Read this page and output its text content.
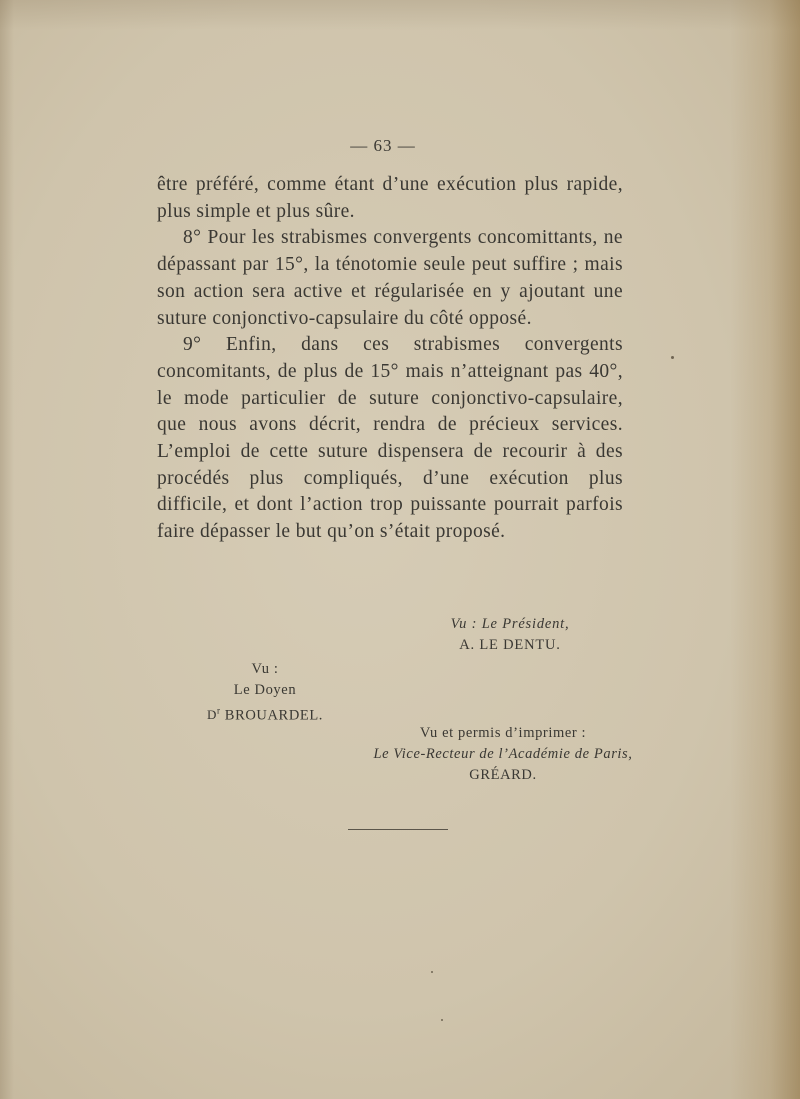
— 63 —

être préféré, comme étant d’une exécution plus rapide, plus simple et plus sûre.

8° Pour les strabismes convergents concomittants, ne dépassant par 15°, la ténotomie seule peut suffire ; mais son action sera active et régularisée en y ajoutant une suture conjonctivo-capsulaire du côté opposé.

9° Enfin, dans ces strabismes convergents concomitants, de plus de 15° mais n’atteignant pas 40°, le mode particulier de suture conjonctivo-capsulaire, que nous avons décrit, rendra de précieux services. L’emploi de cette suture dispensera de recourir à des procédés plus compliqués, d’une exécution plus difficile, et dont l’action trop puissante pourrait parfois faire dépasser le but qu’on s’était proposé.

Vu : Le Président,
A. LE DENTU.
Vu :
Le Doyen
$D^r$ BROUARDEL.
Vu et permis d’imprimer :
Le Vice-Recteur de l’Académie de Paris,
GRÉARD.
